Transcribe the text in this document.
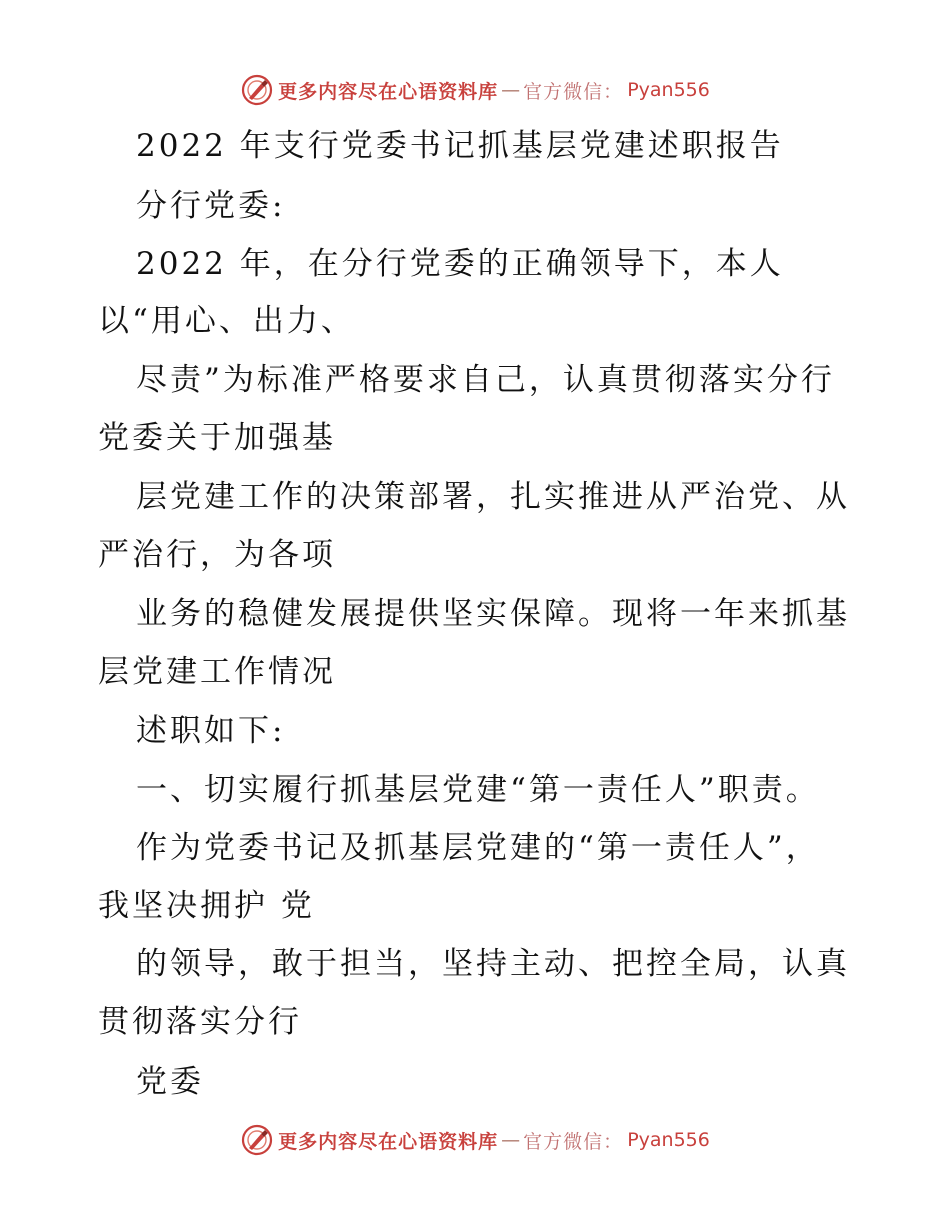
更多内容尽在心语资料库 — 官方微信： Pyan556
2022 年支行党委书记抓基层党建述职报告
分行党委:
2022 年，在分行党委的正确领导下，本人
以“用心、出力、
尽责”为标准严格要求自己，认真贯彻落实分行
党委关于加强基
层党建工作的决策部署，扎实推进从严治党、从
严治行，为各项
业务的稳健发展提供坚实保障。现将一年来抓基
层党建工作情况
述职如下:
一、切实履行抓基层党建“第一责任人”职责。
作为党委书记及抓基层党建的“第一责任人”，
我坚决拥护 党
的领导，敢于担当，坚持主动、把控全局，认真
贯彻落实分行
党委
更多内容尽在心语资料库 — 官方微信： Pyan556
